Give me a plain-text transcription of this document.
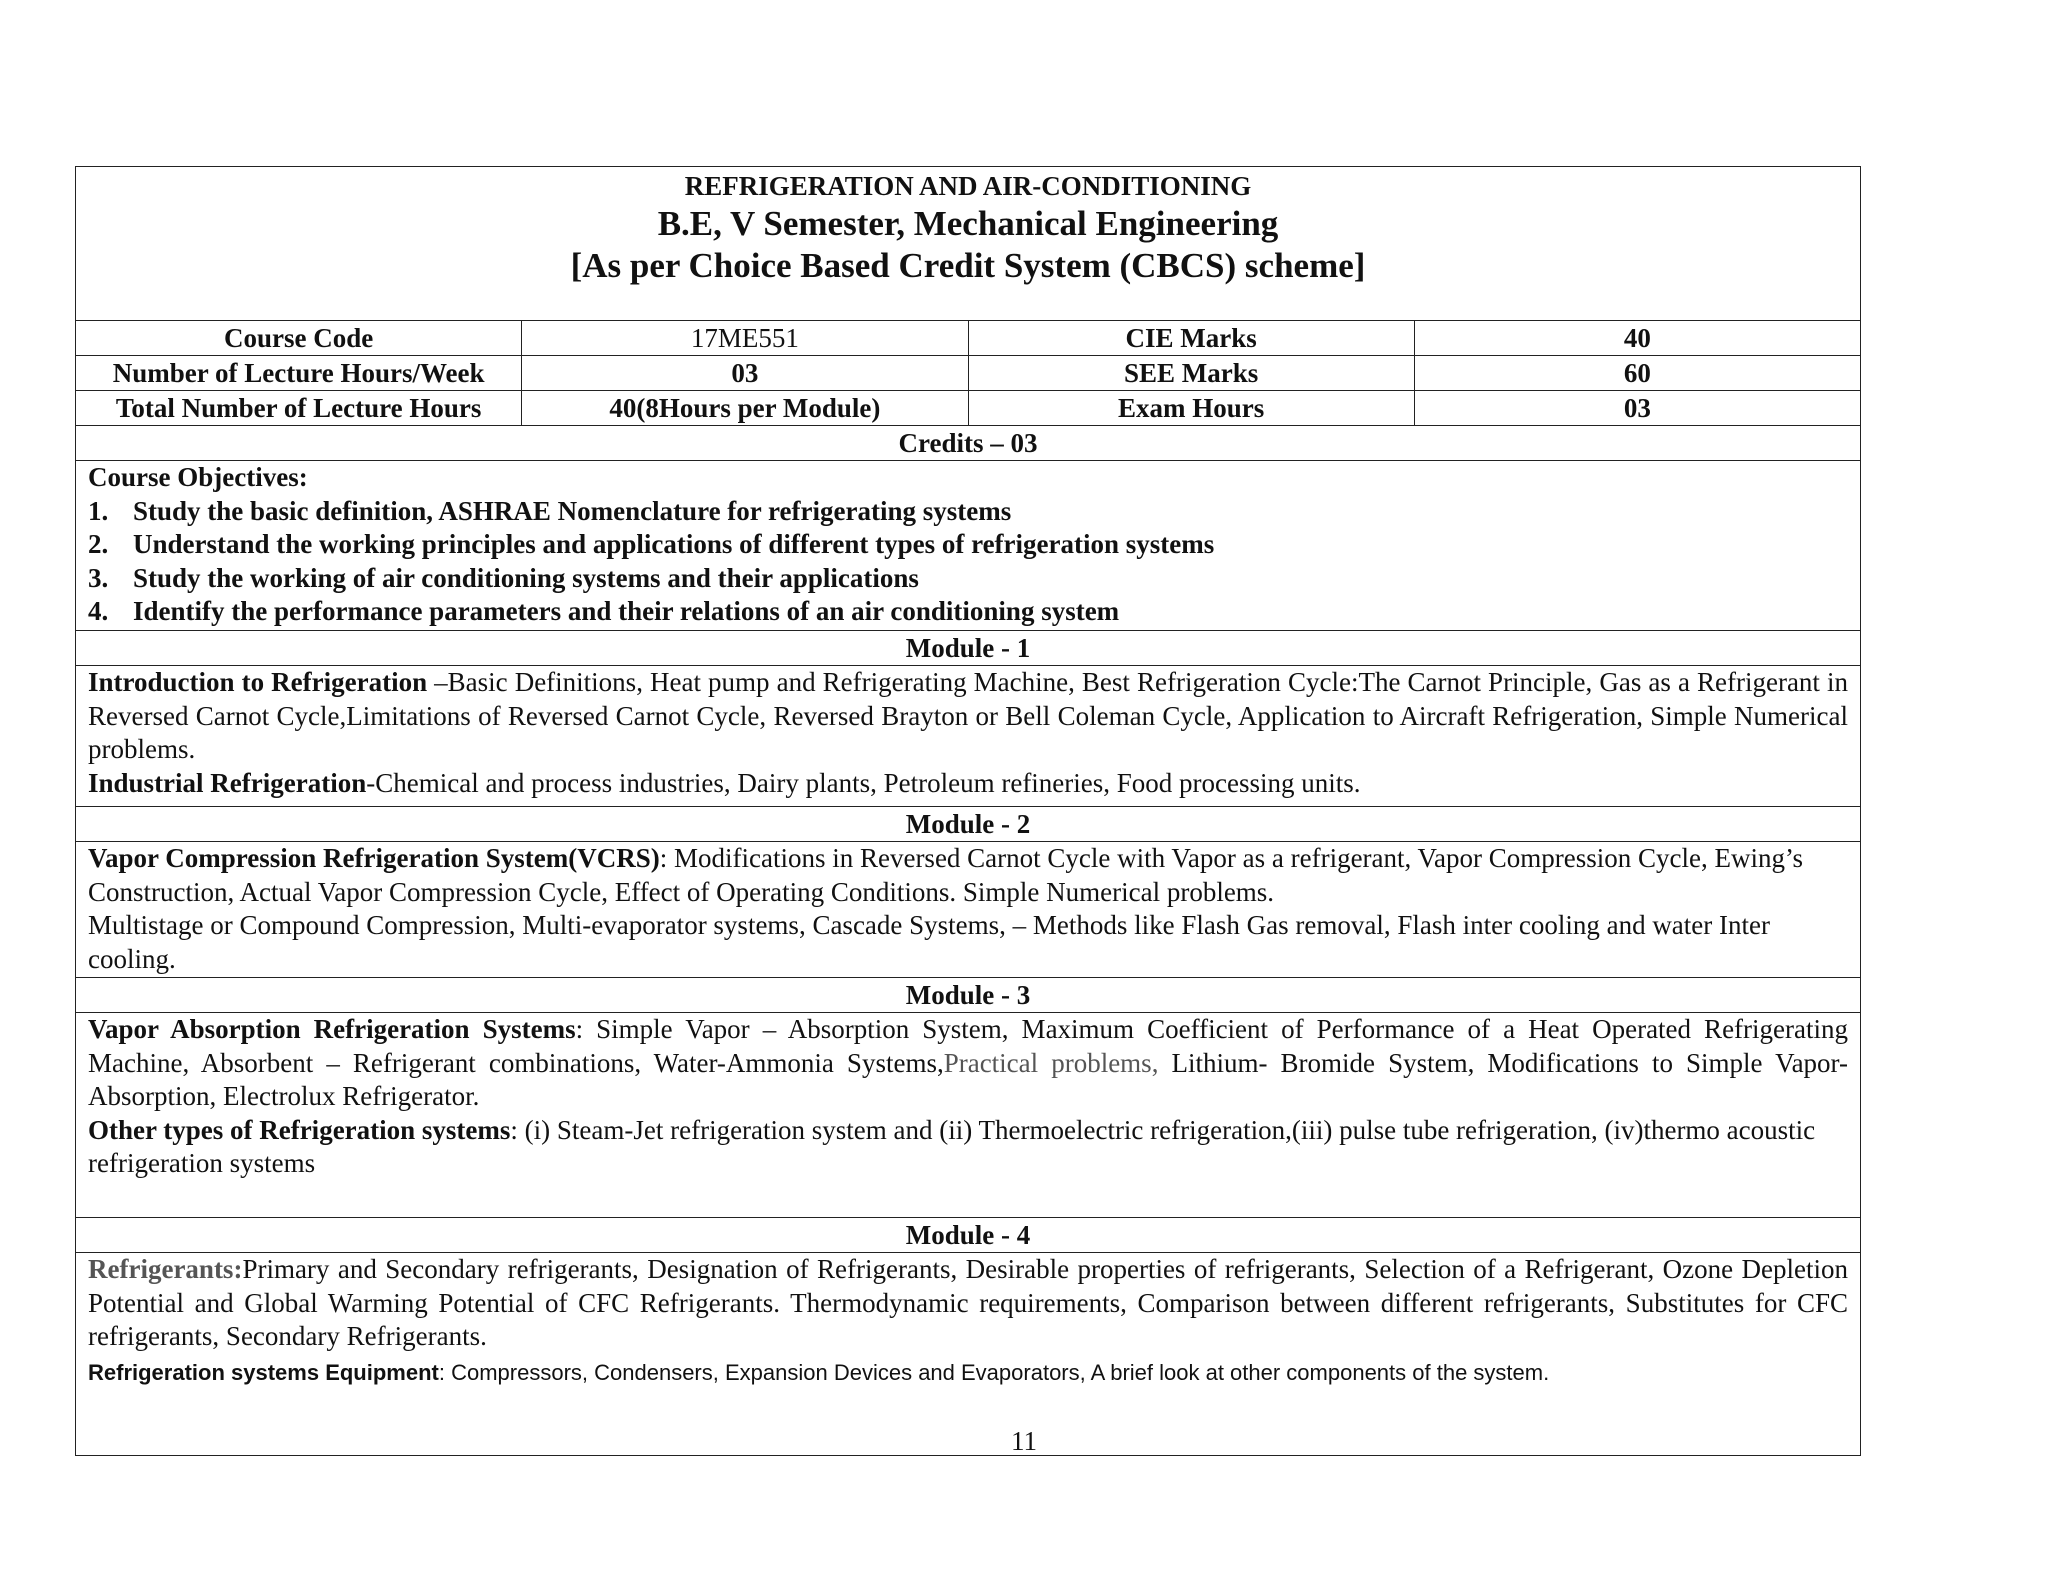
REFRIGERATION AND AIR-CONDITIONING
B.E, V Semester, Mechanical Engineering
[As per Choice Based Credit System (CBCS) scheme]
Course Code	17ME551	CIE Marks	40
Number of Lecture Hours/Week	03	SEE Marks	60
Total Number of Lecture Hours	40(8Hours per Module)	Exam Hours	03
Credits – 03
Course Objectives:
1. Study the basic definition, ASHRAE Nomenclature for refrigerating systems
2. Understand the working principles and applications of different types of refrigeration systems
3. Study the working of air conditioning systems and their applications
4. Identify the performance parameters and their relations of an air conditioning system
Module - 1

Introduction to Refrigeration –Basic Definitions, Heat pump and Refrigerating Machine, Best Refrigeration Cycle:The Carnot Principle, Gas as a Refrigerant in Reversed Carnot Cycle,Limitations of Reversed Carnot Cycle, Reversed Brayton or Bell Coleman Cycle, Application to Aircraft Refrigeration, Simple Numerical problems.

Industrial Refrigeration-Chemical and process industries, Dairy plants, Petroleum refineries, Food processing units.

Module - 2

Vapor Compression Refrigeration System(VCRS): Modifications in Reversed Carnot Cycle with Vapor as a refrigerant, Vapor Compression Cycle, Ewing’s Construction, Actual Vapor Compression Cycle, Effect of Operating Conditions. Simple Numerical problems.

Multistage or Compound Compression, Multi-evaporator systems, Cascade Systems, – Methods like Flash Gas removal, Flash inter cooling and water Inter cooling.

Module - 3

Vapor Absorption Refrigeration Systems: Simple Vapor – Absorption System, Maximum Coefficient of Performance of a Heat Operated Refrigerating Machine, Absorbent – Refrigerant combinations, Water-Ammonia Systems,Practical problems, Lithium- Bromide System, Modifications to Simple Vapor-Absorption, Electrolux Refrigerator.

Other types of Refrigeration systems: (i) Steam-Jet refrigeration system and (ii) Thermoelectric refrigeration,(iii) pulse tube refrigeration, (iv)thermo acoustic refrigeration systems

Module - 4

Refrigerants:Primary and Secondary refrigerants, Designation of Refrigerants, Desirable properties of refrigerants, Selection of a Refrigerant, Ozone Depletion Potential and Global Warming Potential of CFC Refrigerants. Thermodynamic requirements, Comparison between different refrigerants, Substitutes for CFC refrigerants, Secondary Refrigerants.

Refrigeration systems Equipment: Compressors, Condensers, Expansion Devices and Evaporators, A brief look at other components of the system.

11
